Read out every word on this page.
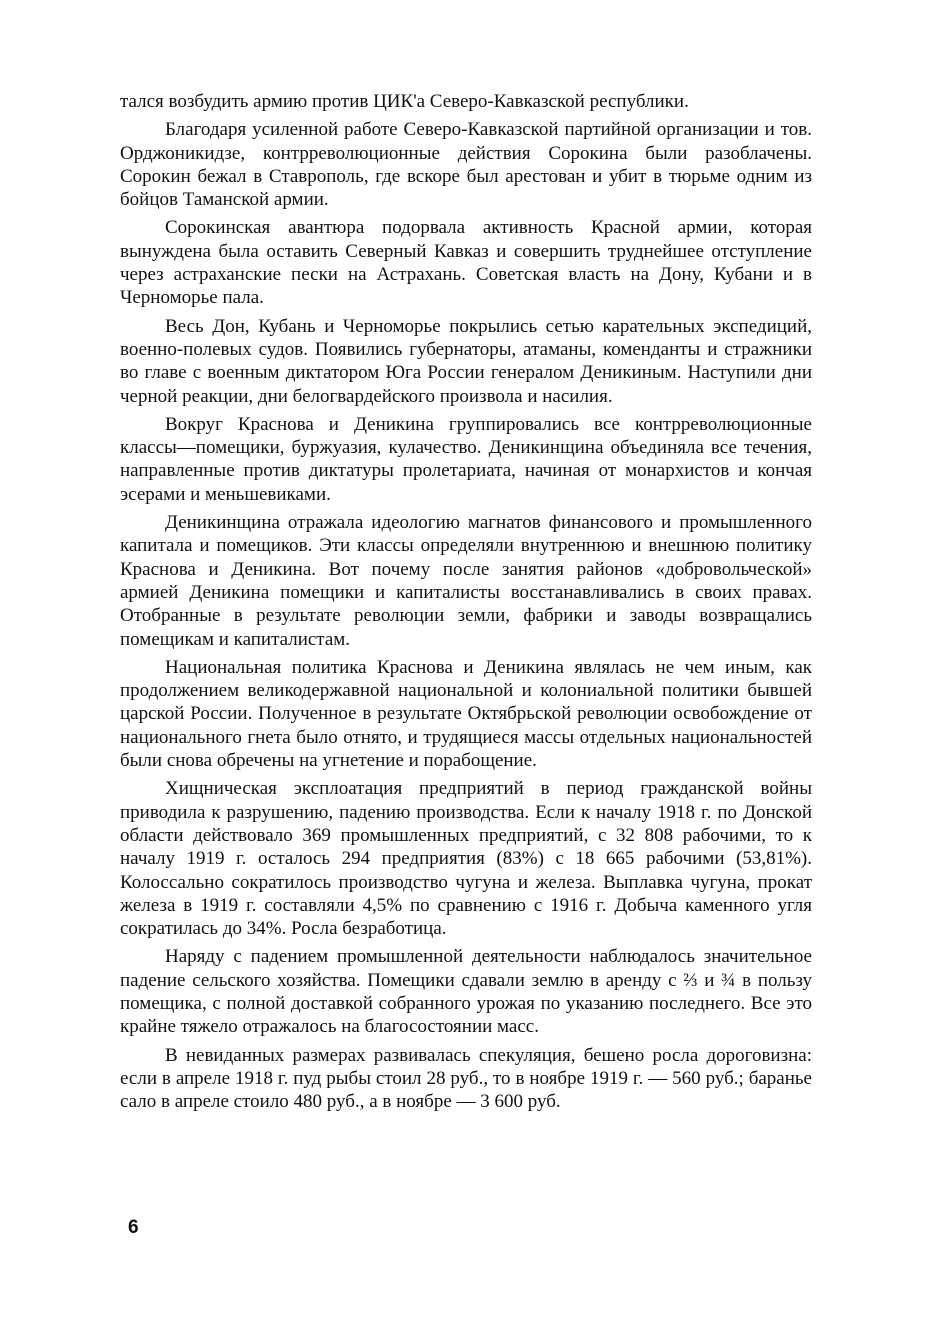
тался возбудить армию против ЦИК'а Северо-Кавказской республики.

Благодаря усиленной работе Северо-Кавказской партийной организации и тов. Орджоникидзе, контрреволюционные действия Сорокина были разоблачены. Сорокин бежал в Ставрополь, где вскоре был арестован и убит в тюрьме одним из бойцов Таманской армии.

Сорокинская авантюра подорвала активность Красной армии, которая вынуждена была оставить Северный Кавказ и совершить труднейшее отступление через астраханские пески на Астрахань. Советская власть на Дону, Кубани и в Черноморье пала.

Весь Дон, Кубань и Черноморье покрылись сетью карательных экспедиций, военно-полевых судов. Появились губернаторы, атаманы, коменданты и стражники во главе с военным диктатором Юга России генералом Деникиным. Наступили дни черной реакции, дни белогвардейского произвола и насилия.

Вокруг Краснова и Деникина группировались все контрреволюционные классы—помещики, буржуазия, кулачество. Деникинщина объединяла все течения, направленные против диктатуры пролетариата, начиная от монархистов и кончая эсерами и меньшевиками.

Деникинщина отражала идеологию магнатов финансового и промышленного капитала и помещиков. Эти классы определяли внутреннюю и внешнюю политику Краснова и Деникина. Вот почему после занятия районов «добровольческой» армией Деникина помещики и капиталисты восстанавливались в своих правах. Отобранные в результате революции земли, фабрики и заводы возвращались помещикам и капиталистам.

Национальная политика Краснова и Деникина являлась не чем иным, как продолжением великодержавной национальной и колониальной политики бывшей царской России. Полученное в результате Октябрьской революции освобождение от национального гнета было отнято, и трудящиеся массы отдельных национальностей были снова обречены на угнетение и порабощение.

Хищническая эксплоатация предприятий в период гражданской войны приводила к разрушению, падению производства. Если к началу 1918 г. по Донской области действовало 369 промышленных предприятий, с 32 808 рабочими, то к началу 1919 г. осталось 294 предприятия (83%) с 18 665 рабочими (53,81%). Колоссально сократилось производство чугуна и железа. Выплавка чугуна, прокат железа в 1919 г. составляли 4,5% по сравнению с 1916 г. Добыча каменного угля сократилась до 34%. Росла безработица.

Наряду с падением промышленной деятельности наблюдалось значительное падение сельского хозяйства. Помещики сдавали землю в аренду с ⅔ и ¾ в пользу помещика, с полной доставкой собранного урожая по указанию последнего. Все это крайне тяжело отражалось на благосостоянии масс.

В невиданных размерах развивалась спекуляция, бешено росла дороговизна: если в апреле 1918 г. пуд рыбы стоил 28 руб., то в ноябре 1919 г. — 560 руб.; баранье сало в апреле стоило 480 руб., а в ноябре — 3 600 руб.

6
